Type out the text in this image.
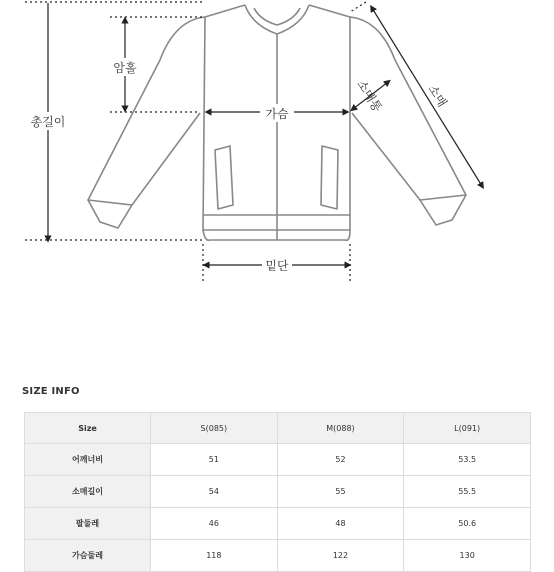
암홀
총길이
가슴
밑단
소매통	소매
SIZE INFO
Size	S(085)	M(088)	L(091)
어깨너비	51	52	53.5
소매길이	54	55	55.5
팔둘레	46	48	50.6
가슴둘레	118	122	130
